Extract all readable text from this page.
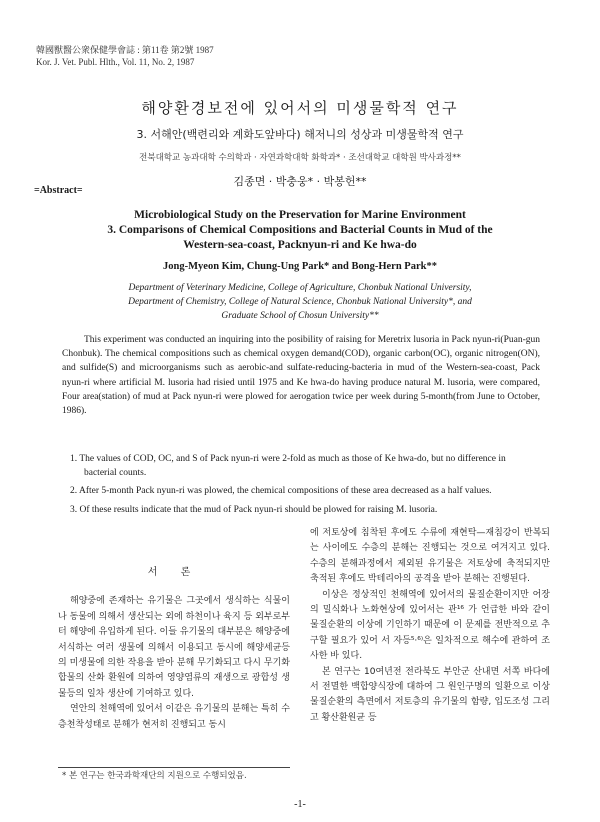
韓國獸醫公衆保健學會誌 : 第11卷 第2號 1987
Kor. J. Vet. Publ. Hlth., Vol. 11, No. 2, 1987
해양환경보전에 있어서의 미생물학적 연구
3. 서해안(백련리와 계화도앞바다) 해저니의 성상과 미생물학적 연구
전북대학교 농과대학 수의학과 · 자연과학대학 화학과* · 조선대학교 대학원 박사과정**
김종면 · 박충웅* · 박봉헌**
=Abstract=
Microbiological Study on the Preservation for Marine Environment
3. Comparisons of Chemical Compositions and Bacterial Counts in Mud of the
Western-sea-coast, Packnyun-ri and Ke hwa-do
Jong-Myeon Kim, Chung-Ung Park* and Bong-Hern Park**
Department of Veterinary Medicine, College of Agriculture, Chonbuk National University,
Department of Chemistry, College of Natural Science, Chonbuk National University*, and
Graduate School of Chosun University**

This experiment was conducted an inquiring into the posibility of raising for Meretrix lusoria in Pack nyun-ri(Puan-gun Chonbuk). The chemical compositions such as chemical oxygen demand(COD), organic carbon(OC), organic nitrogen(ON), and sulfide(S) and microorganisms such as aerobic-and sulfate-reducing-bacteria in mud of the Western-sea-coast, Pack nyun-ri where artificial M. lusoria had risied until 1975 and Ke hwa-do having produce natural M. lusoria, were compared, Four area(station) of mud at Pack nyun-ri were plowed for aerogation twice per week during 5-month(from June to October, 1986).

1. The values of COD, OC, and S of Pack nyun-ri were 2-fold as much as those of Ke hwa-do, but no difference in bacterial counts.
2. After 5-month Pack nyun-ri was plowed, the chemical compositions of these area decreased as a half values.
3. Of these results indicate that the mud of Pack nyun-ri should be plowed for raising M. lusoria.
서 론

해양중에 존재하는 유기물은 그곳에서 생식하는 식물이나 동물에 의해서 생산되는 외에 하천이나 육지 등 외부로부터 해양에 유입하게 된다. 이들 유기물의 대부분은 해양중에 서식하는 여러 생물에 의해서 이용되고 동시에 해양세균등의 미생물에 의한 작용을 받아 분해 무기화되고 다시 무기화합물의 산화 환원에 의하여 영양염류의 재생으로 광합성 생물등의 일차 생산에 기여하고 있다.

연안의 천해역에 있어서 이같은 유기물의 분해는 특히 수층천착성태로 분해가 현저히 진행되고 동시

* 본 연구는 한국과학재단의 지원으로 수행되었음.

에 저토상에 침착된 후에도 수류에 재현탁—재침강이 반복되는 사이에도 수층의 분해는 진행되는 것으로 여겨지고 있다. 수층의 분해과정에서 제외된 유기물은 저토상에 축적되지만 축적된 후에도 박테리아의 공격을 받아 분해는 진행된다.

이상은 정상적인 천해역에 있어서의 물질순환이지만 어장의 밀식화나 노화현상에 있어서는 관¹⁶ 가 언급한 바와 같이 물질순환의 이상에 기인하기 때문에 이 문제를 전반적으로 추구할 필요가 있어 서 자등⁵·⁶⁾은 일차적으로 해수에 관하여 조사한 바 있다.

본 연구는 10여년전 전라북도 부안군 산내면 서쪽 바다에서 전멸한 백합양식장에 대하여 그 원인구명의 일환으로 이상물질순환의 측면에서 저토층의 유기물의 함량, 입도조성 그리고 황산환원균 등

-1-
